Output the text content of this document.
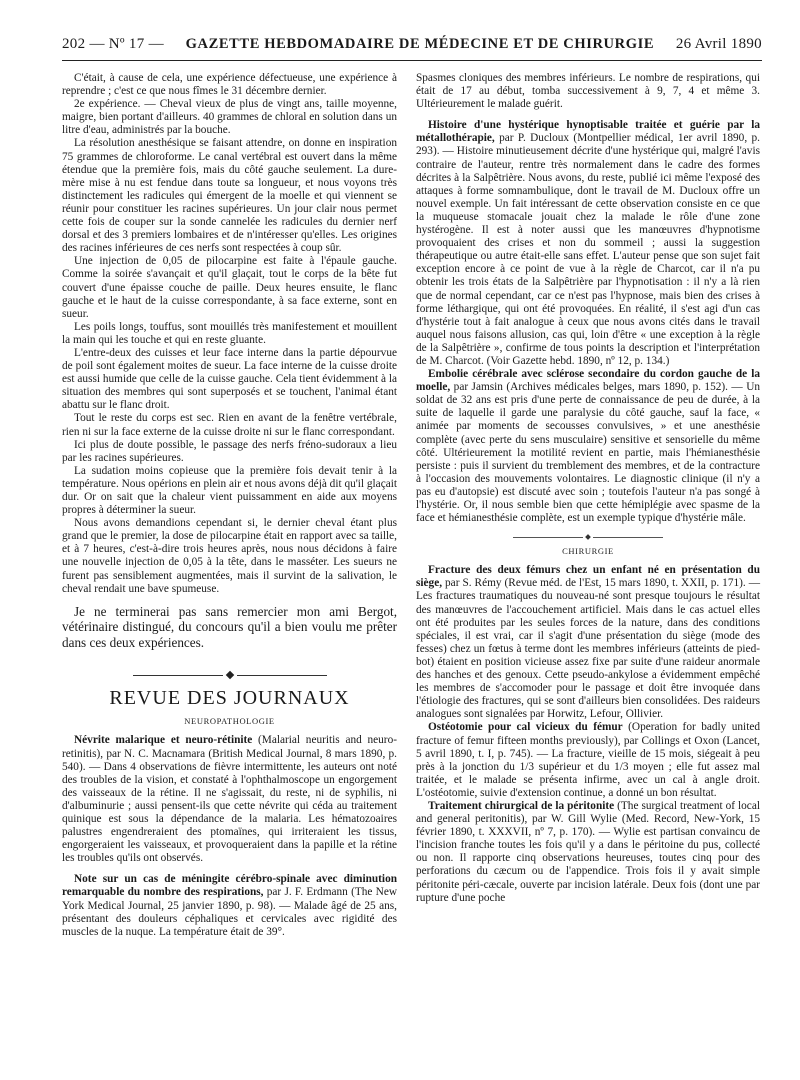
202 — Nº 17 — GAZETTE HEBDOMADAIRE DE MÉDECINE ET DE CHIRURGIE 26 Avril 1890

C'était, à cause de cela, une expérience défectueuse, une expérience à reprendre ; c'est ce que nous fîmes le 31 décembre dernier.

2e expérience. — Cheval vieux de plus de vingt ans, taille moyenne, maigre, bien portant d'ailleurs. 40 grammes de chloral en solution dans un litre d'eau, administrés par la bouche.

La résolution anesthésique se faisant attendre, on donne en inspiration 75 grammes de chloroforme. Le canal vertébral est ouvert dans la même étendue que la première fois, mais du côté gauche seulement. La dure-mère mise à nu est fendue dans toute sa longueur, et nous voyons très distinctement les radicules qui émergent de la moelle et qui viennent se réunir pour constituer les racines supérieures. Un jour clair nous permet cette fois de couper sur la sonde cannelée les radicules du dernier nerf dorsal et des 3 premiers lombaires et de n'intéresser qu'elles. Les origines des racines inférieures de ces nerfs sont respectées à coup sûr.

Une injection de 0,05 de pilocarpine est faite à l'épaule gauche. Comme la soirée s'avançait et qu'il glaçait, tout le corps de la bête fut couvert d'une épaisse couche de paille. Deux heures ensuite, le flanc gauche et le haut de la cuisse correspondante, à sa face externe, sont en sueur.

Les poils longs, touffus, sont mouillés très manifestement et mouillent la main qui les touche et qui en reste gluante.

L'entre-deux des cuisses et leur face interne dans la partie dépourvue de poil sont également moites de sueur. La face interne de la cuisse droite est aussi humide que celle de la cuisse gauche. Cela tient évidemment à la situation des membres qui sont superposés et se touchent, l'animal étant abattu sur le flanc droit.

Tout le reste du corps est sec. Rien en avant de la fenêtre vertébrale, rien ni sur la face externe de la cuisse droite ni sur le flanc correspondant.

Ici plus de doute possible, le passage des nerfs fréno-sudoraux a lieu par les racines supérieures.

La sudation moins copieuse que la première fois devait tenir à la température. Nous opérions en plein air et nous avons déjà dit qu'il glaçait dur. Or on sait que la chaleur vient puissamment en aide aux moyens propres à déterminer la sueur.

Nous avons demandions cependant si, le dernier cheval étant plus grand que le premier, la dose de pilocarpine était en rapport avec sa taille, et à 7 heures, c'est-à-dire trois heures après, nous nous décidons à faire une nouvelle injection de 0,05 à la tête, dans le masséter. Les sueurs ne furent pas sensiblement augmentées, mais il survint de la salivation, le cheval rendait une bave spumeuse.

Je ne terminerai pas sans remercier mon ami Bergot, vétérinaire distingué, du concours qu'il a bien voulu me prêter dans ces deux expériences.

REVUE DES JOURNAUX
NEUROPATHOLOGIE

Névrite malarique et neuro-rétinite (Malarial neuritis and neuro-retinitis), par N. C. Macnamara (British Medical Journal, 8 mars 1890, p. 540). — Dans 4 observations de fièvre intermittente, les auteurs ont noté des troubles de la vision, et constaté à l'ophthalmoscope un engorgement des vaisseaux de la rétine. Il ne s'agissait, du reste, ni de syphilis, ni d'albuminurie ; aussi pensent-ils que cette névrite qui céda au traitement quinique est sous la dépendance de la malaria. Les hématozoaires palustres engendreraient des ptomaïnes, qui irriteraient les tissus, engorgeraient les vaisseaux, et provoqueraient dans la papille et la rétine les troubles qu'ils ont observés.

Note sur un cas de méningite cérébro-spinale avec diminution remarquable du nombre des respirations, par J. F. Erdmann (The New York Medical Journal, 25 janvier 1890, p. 98). — Malade âgé de 25 ans, présentant des douleurs céphaliques et cervicales avec rigidité des muscles de la nuque. La température était de 39°.

Spasmes cloniques des membres inférieurs. Le nombre de respirations, qui était de 17 au début, tomba successivement à 9, 7, 4 et même 3. Ultérieurement le malade guérit.

Histoire d'une hystérique hynoptisable traitée et guérie par la métallothérapie, par P. Ducloux (Montpellier médical, 1er avril 1890, p. 293). — Histoire minutieusement décrite d'une hystérique qui, malgré l'avis contraire de l'auteur, rentre très normalement dans le cadre des formes décrites à la Salpêtrière. Nous avons, du reste, publié ici même l'exposé des attaques à forme somnambulique, dont le travail de M. Ducloux offre un nouvel exemple. Un fait intéressant de cette observation consiste en ce que la muqueuse stomacale jouait chez la malade le rôle d'une zone hystérogène. Il est à noter aussi que les manœuvres d'hypnotisme provoquaient des crises et non du sommeil ; aussi la suggestion thérapeutique ou autre était-elle sans effet. L'auteur pense que son sujet fait exception encore à ce point de vue à la règle de Charcot, car il n'a pu obtenir les trois états de la Salpêtrière par l'hypnotisation : il n'y a là rien que de normal cependant, car ce n'est pas l'hypnose, mais bien des crises à forme léthargique, qui ont été provoquées. En réalité, il s'est agi d'un cas d'hystérie tout à fait analogue à ceux que nous avons cités dans le travail auquel nous faisons allusion, cas qui, loin d'être « une exception à la règle de la Salpêtrière », confirme de tous points la description et l'interprétation de M. Charcot. (Voir Gazette hebd. 1890, nº 12, p. 134.)

Embolie cérébrale avec sclérose secondaire du cordon gauche de la moelle, par Jamsin (Archives médicales belges, mars 1890, p. 152). — Un soldat de 32 ans est pris d'une perte de connaissance de peu de durée, à la suite de laquelle il garde une paralysie du côté gauche, sauf la face, « animée par moments de secousses convulsives, » et une anesthésie complète (avec perte du sens musculaire) sensitive et sensorielle du même côté. Ultérieurement la motilité revient en partie, mais l'hémianesthésie persiste : puis il survient du tremblement des membres, et de la contracture à l'occasion des mouvements volontaires. Le diagnostic clinique (il n'y a pas eu d'autopsie) est discuté avec soin ; toutefois l'auteur n'a pas songé à l'hystérie. Or, il nous semble bien que cette hémiplégie avec spasme de la face et hémianesthésie complète, est un exemple typique d'hystérie mâle.

CHIRURGIE

Fracture des deux fémurs chez un enfant né en présentation du siège, par S. Rémy (Revue méd. de l'Est, 15 mars 1890, t. XXII, p. 171). — Les fractures traumatiques du nouveau-né sont presque toujours le résultat des manœuvres de l'accouchement artificiel. Mais dans le cas actuel elles ont été produites par les seules forces de la nature, dans des conditions spéciales, il est vrai, car il s'agit d'une présentation du siège (mode des fesses) chez un fœtus à terme dont les membres inférieurs (atteints de pied-bot) étaient en position vicieuse assez fixe par suite d'une raideur anormale des hanches et des genoux. Cette pseudo-ankylose a évidemment empêché les membres de s'accomoder pour le passage et doit être invoquée dans l'étiologie des fractures, qui se sont d'ailleurs bien consolidées. Des raideurs analogues sont signalées par Horwitz, Lefour, Ollivier.

Ostéotomie pour cal vicieux du fémur (Operation for badly united fracture of femur fifteen months previously), par Collings et Oxon (Lancet, 5 avril 1890, t. I, p. 745). — La fracture, vieille de 15 mois, siégeait à peu près à la jonction du 1/3 supérieur et du 1/3 moyen ; elle fut assez mal traitée, et le malade se présenta infirme, avec un cal à angle droit. L'ostéotomie, suivie d'extension continue, a donné un bon résultat.

Traitement chirurgical de la péritonite (The surgical treatment of local and general peritonitis), par W. Gill Wylie (Med. Record, New-York, 15 février 1890, t. XXXVII, nº 7, p. 170). — Wylie est partisan convaincu de l'incision franche toutes les fois qu'il y a dans le péritoine du pus, collecté ou non. Il rapporte cinq observations heureuses, toutes cinq pour des perforations du cæcum ou de l'appendice. Trois fois il y avait simple péritonite péri-cæcale, ouverte par incision latérale. Deux fois (dont une par rupture d'une poche
